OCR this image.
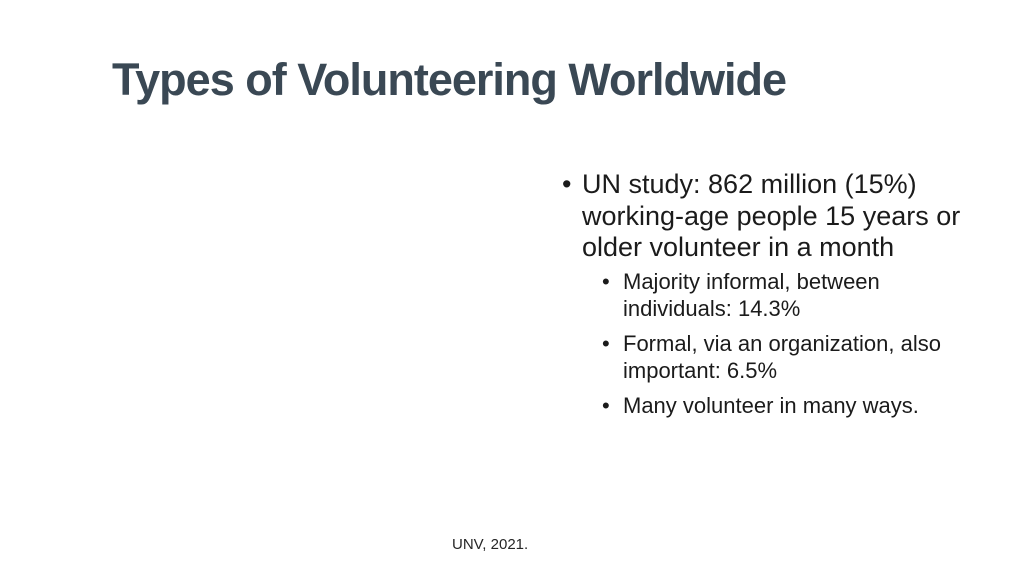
Types of Volunteering Worldwide
• UN study: 862 million (15%)
working-age people 15 years or
older volunteer in a month
• Majority informal, between
individuals: 14.3%
• Formal, via an organization, also
important: 6.5%
• Many volunteer in many ways.
UNV, 2021.
